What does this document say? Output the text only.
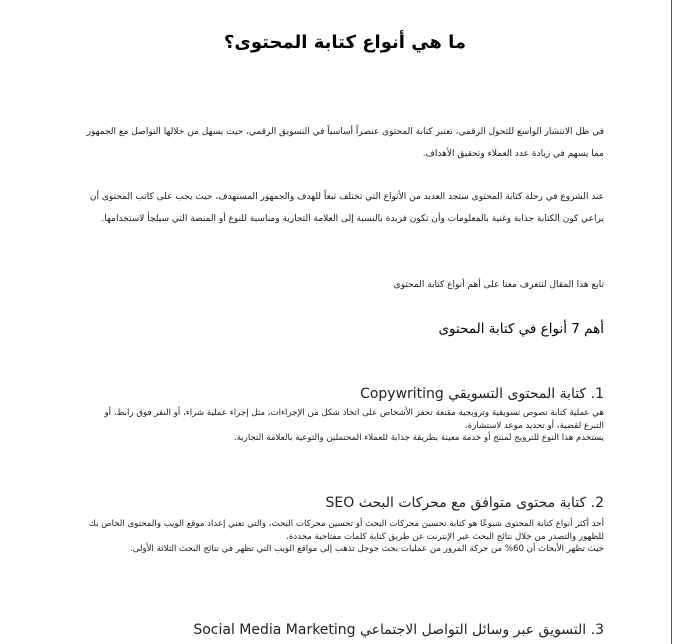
ما هي أنواع كتابة المحتوى؟

في ظل الانتشار الواسع للتحول الرقمي، تعتبر كتابة المحتوى عنصراً أساسياً في التسويق الرقمي، حيث يسهل من خلالها التواصل مع الجمهور مما يسهم في زيادة عدد العملاء وتحقيق الأهداف.

عند الشروع في رحلة كتابة المحتوى ستجد العديد من الأنواع التي تختلف تبعاً للهدف والجمهور المستهدف، حيث يجب على كاتب المحتوى أن يراعي كون الكتابة جذابة وغنية بالمعلومات وأن تكون فريدة بالنسبة إلى العلامة التجارية ومناسبة للنوع أو المنصة التي سيلجأ لاستخدامها.

تابع هذا المقال لتتعرف معنا على أهم أنواع كتابة المحتوى

أهم 7 أنواع في كتابة المحتوى
1. كتابة المحتوى التسويقي Copywriting

هي عملية كتابة نصوص تسويقية وترويجية مقنعة تحفز الأشخاص على اتخاذ شكل من الإجراءات، مثل إجراء عملية شراء، أو النقر فوق رابط، أو التبرع لقضية، أو تحديد موعد لاستشارة.

يستخدم هذا النوع للترويج لمنتج أو خدمة معينة بطريقة جذابة للعملاء المحتملين والتوعية بالعلامة التجارية.

2. كتابة محتوى متوافق مع محركات البحث SEO

أحد أكثر أنواع كتابة المحتوى شيوعًا هو كتابة تحسين محركات البحث أو تحسين محركات البحث، والتي تعني إعداد موقع الويب والمحتوى الخاص بك للظهور والتصدر من خلال نتائج البحث عبر الإنترنت عن طريق كتابة كلمات مفتاحية محددة.

حيث تظهر الأبحاث أن 60% من حركة المرور من عمليات بحث جوجل تذهب إلى مواقع الويب التي تظهر في نتائج البحث الثلاثة الأولى.

3. التسويق عبر وسائل التواصل الاجتماعي Social Media Marketing
